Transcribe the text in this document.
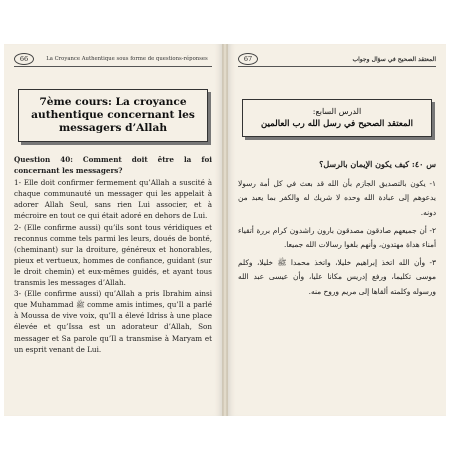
66	La Croyance Authentique sous forme de questions-réponses
7ème cours: La croyance authentique concernant les messagers d’Allah

Question 40: Comment doit être la foi concernant les messagers?

1- Elle doit confirmer fermement qu’Allah a suscité à chaque communauté un messager qui les appelait à adorer Allah Seul, sans rien Lui associer, et à mécroire en tout ce qui était adoré en dehors de Lui.

2- (Elle confirme aussi) qu’ils sont tous véridiques et reconnus comme tels parmi les leurs, doués de bonté, (cheminant) sur la droiture, généreux et honorables, pieux et vertueux, hommes de confiance, guidant (sur le droit chemin) et eux-mêmes guidés, et ayant tous transmis les messages d’Allah.

3- (Elle confirme aussi) qu’Allah a pris Ibrahim ainsi que Muhammad ﷺ comme amis intimes, qu’Il a parlé à Moussa de vive voix, qu’Il a élevé Idriss à une place élevée et qu’Issa est un adorateur d’Allah, Son messager et Sa parole qu’Il a transmise à Maryam et un esprit venant de Lui.

67	المعتقد الصحيح في سؤال وجواب
الدرس السابع:
المعتقد الصحيح في رسل الله رب العالمين

س ٤٠: كيف يكون الإيمان بالرسل؟

١- يكون بالتصديق الجازم بأن الله قد بعث في كل أمة رسولا يدعوهم إلى عبادة الله وحده لا شريك له والكفر بما يعبد من دونه.

٢- أن جميعهم صادقون مصدقون بارون راشدون كرام بررة أتقياء أمناء هداة مهتدون، وأنهم بلغوا رسالات الله جميعا.

٣- وأن الله اتخذ إبراهيم خليلا، واتخذ محمدا ﷺ خليلا، وكلم موسى تكليما، ورفع إدريس مكانا عليا، وأن عيسى عبد الله ورسوله وكلمته ألقاها إلى مريم وروح منه.
